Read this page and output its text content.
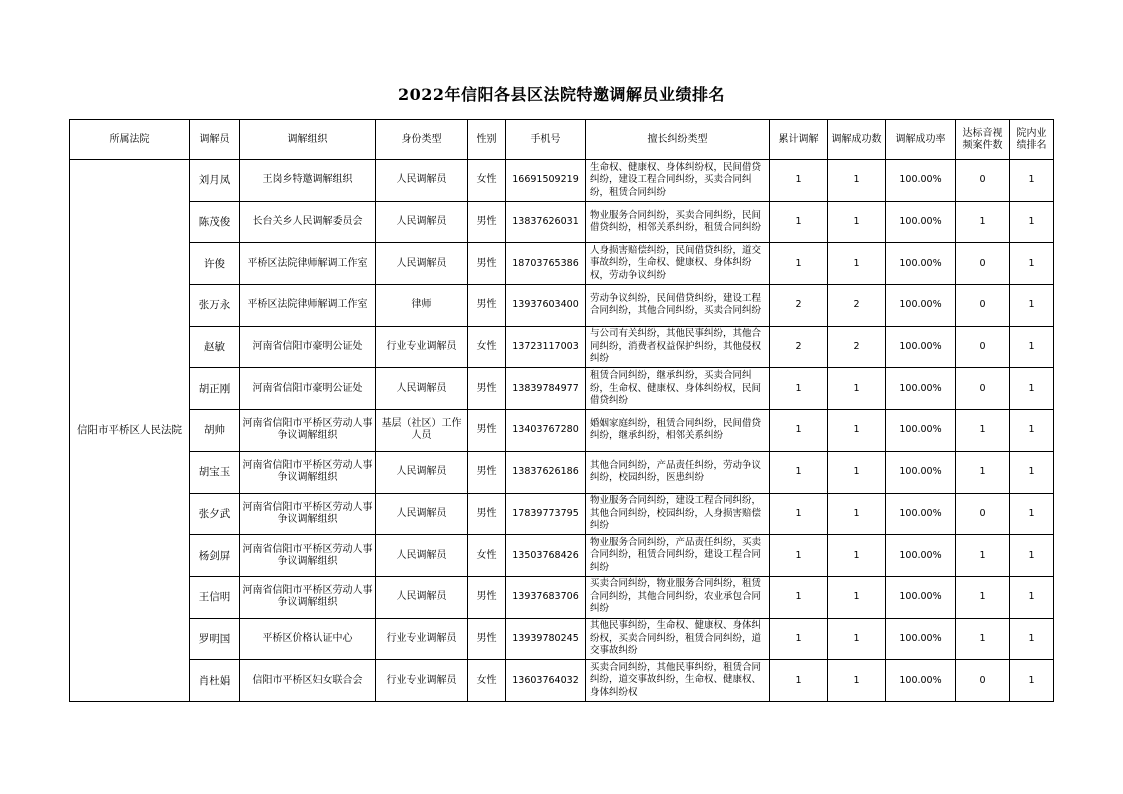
2022年信阳各县区法院特邀调解员业绩排名
所属法院	调解员	调解组织	身份类型	性别	手机号	擅长纠纷类型	累计调解	调解成功数	调解成功率	达标音视频案件数	院内业绩排名
信阳市平桥区人民法院	刘月凤	王岗乡特邀调解组织	人民调解员	女性	16691509219	生命权、健康权、身体纠纷权，民间借贷纠纷，建设工程合同纠纷，买卖合同纠纷，租赁合同纠纷	1	1	100.00%	0	1
	陈茂俊	长台关乡人民调解委员会	人民调解员	男性	13837626031	物业服务合同纠纷，买卖合同纠纷，民间借贷纠纷，相邻关系纠纷，租赁合同纠纷	1	1	100.00%	1	1
	许俊	平桥区法院律师解调工作室	人民调解员	男性	18703765386	人身损害赔偿纠纷，民间借贷纠纷，道交事故纠纷，生命权、健康权、身体纠纷权，劳动争议纠纷	1	1	100.00%	0	1
	张万永	平桥区法院律师解调工作室	律师	男性	13937603400	劳动争议纠纷，民间借贷纠纷，建设工程合同纠纷，其他合同纠纷，买卖合同纠纷	2	2	100.00%	0	1
	赵敏	河南省信阳市豪明公证处	行业专业调解员	女性	13723117003	与公司有关纠纷，其他民事纠纷，其他合同纠纷，消费者权益保护纠纷，其他侵权纠纷	2	2	100.00%	0	1
	胡正刚	河南省信阳市豪明公证处	人民调解员	男性	13839784977	租赁合同纠纷，继承纠纷，买卖合同纠纷，生命权、健康权、身体纠纷权，民间借贷纠纷	1	1	100.00%	0	1
	胡帅	河南省信阳市平桥区劳动人事争议调解组织	基层（社区）工作人员	男性	13403767280	婚姻家庭纠纷，租赁合同纠纷，民间借贷纠纷，继承纠纷，相邻关系纠纷	1	1	100.00%	1	1
	胡宝玉	河南省信阳市平桥区劳动人事争议调解组织	人民调解员	男性	13837626186	其他合同纠纷，产品责任纠纷，劳动争议纠纷，校园纠纷，医患纠纷	1	1	100.00%	1	1
	张夕武	河南省信阳市平桥区劳动人事争议调解组织	人民调解员	男性	17839773795	物业服务合同纠纷，建设工程合同纠纷，其他合同纠纷，校园纠纷，人身损害赔偿纠纷	1	1	100.00%	0	1
	杨剑屏	河南省信阳市平桥区劳动人事争议调解组织	人民调解员	女性	13503768426	物业服务合同纠纷，产品责任纠纷，买卖合同纠纷，租赁合同纠纷，建设工程合同纠纷	1	1	100.00%	1	1
	王信明	河南省信阳市平桥区劳动人事争议调解组织	人民调解员	男性	13937683706	买卖合同纠纷，物业服务合同纠纷，租赁合同纠纷，其他合同纠纷，农业承包合同纠纷	1	1	100.00%	1	1
	罗明国	平桥区价格认证中心	行业专业调解员	男性	13939780245	其他民事纠纷，生命权、健康权、身体纠纷权，买卖合同纠纷，租赁合同纠纷，道交事故纠纷	1	1	100.00%	1	1
	肖杜娟	信阳市平桥区妇女联合会	行业专业调解员	女性	13603764032	买卖合同纠纷，其他民事纠纷，租赁合同纠纷，道交事故纠纷，生命权、健康权、身体纠纷权	1	1	100.00%	0	1
